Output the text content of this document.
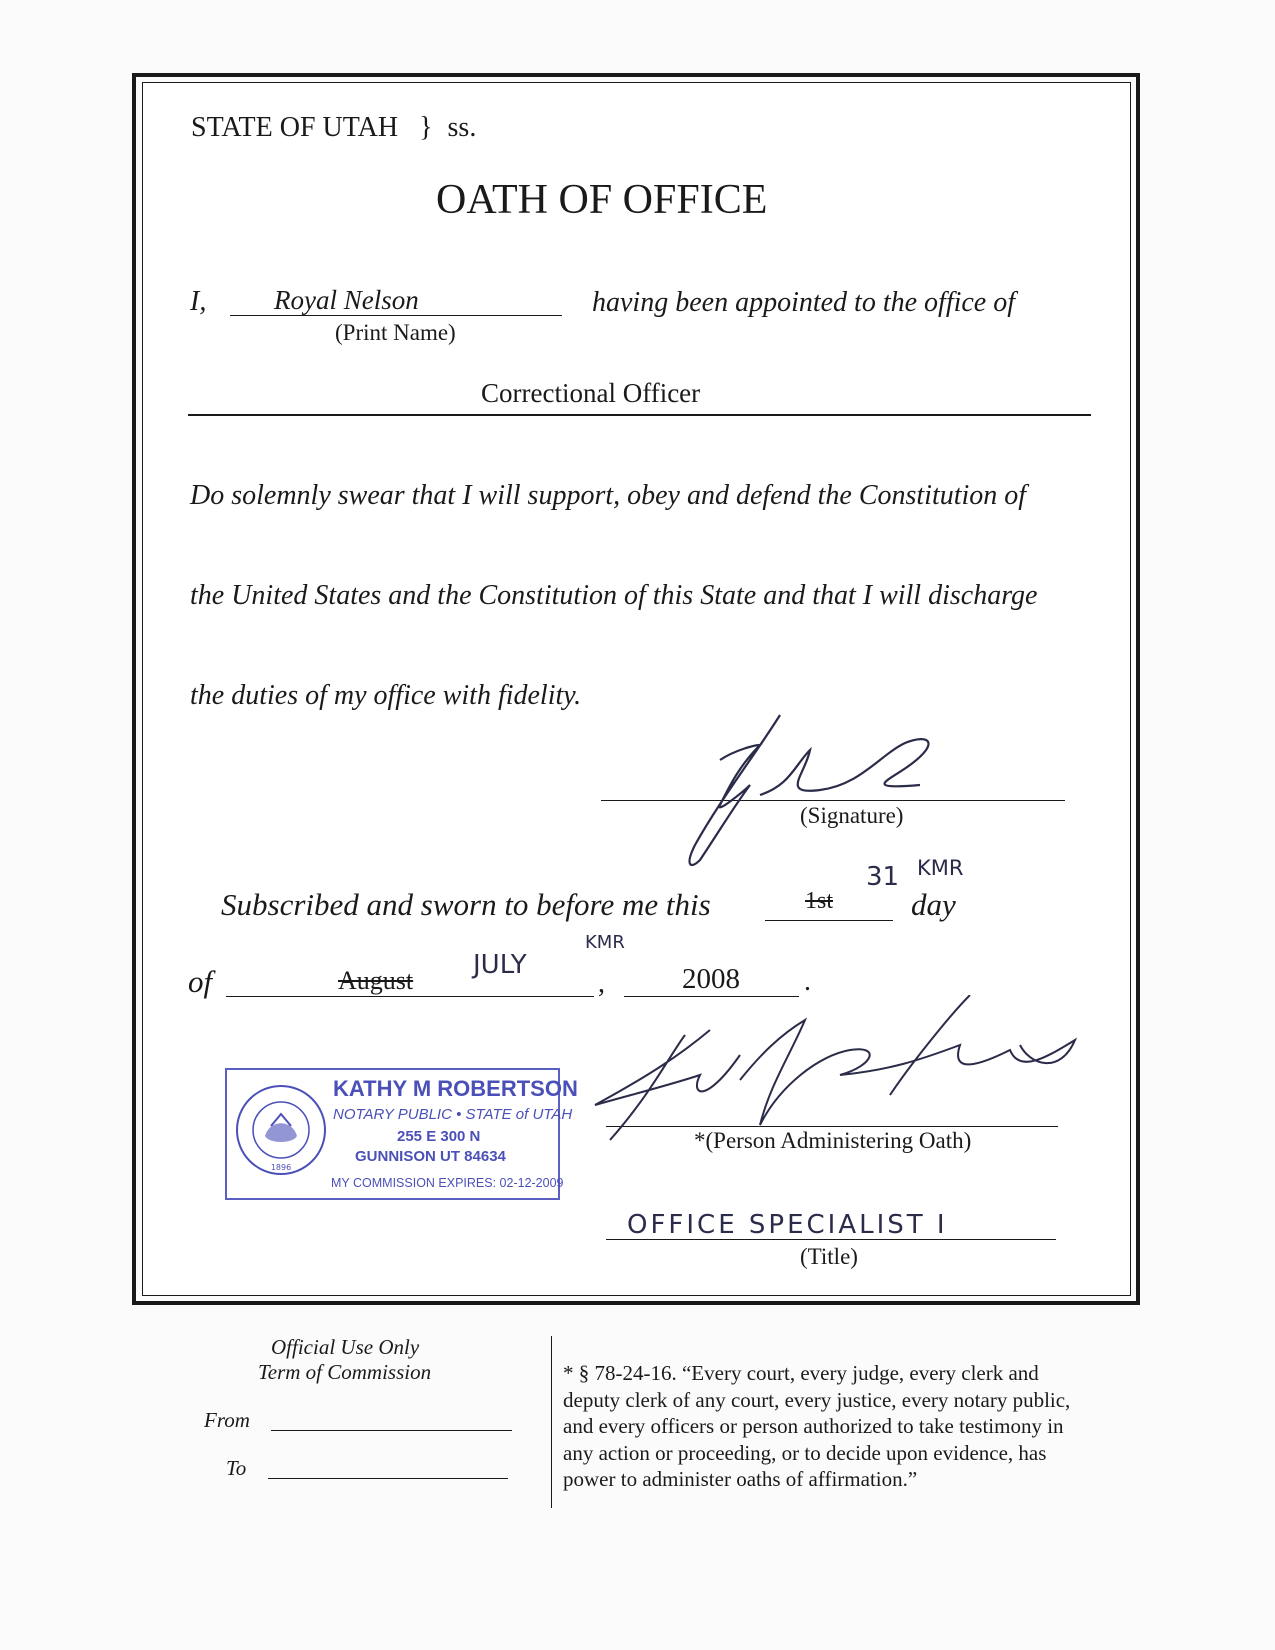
STATE OF UTAH } ss.
OATH OF OFFICE
I,	Royal Nelson
(Print Name)
having been appointed to the office of
Correctional Officer
Do solemnly swear that I will support, obey and defend the Constitution of
the United States and the Constitution of this State and that I will discharge
the duties of my office with fidelity.
(Signature)
Subscribed and sworn to before me this	1st
31 KMR
day
of	August
JULY
KMR
,	2008 .
1896
KATHY M ROBERTSON
NOTARY PUBLIC • STATE of UTAH
255 E 300 N
GUNNISON UT 84634
MY COMMISSION EXPIRES: 02-12-2009
*(Person Administering Oath)
OFFICE SPECIALIST I
(Title)
Official Use Only
Term of Commission
From
To
* § 78-24-16. “Every court, every judge, every clerk and
deputy clerk of any court, every justice, every notary public,
and every officers or person authorized to take testimony in
any action or proceeding, or to decide upon evidence, has
power to administer oaths of affirmation.”
